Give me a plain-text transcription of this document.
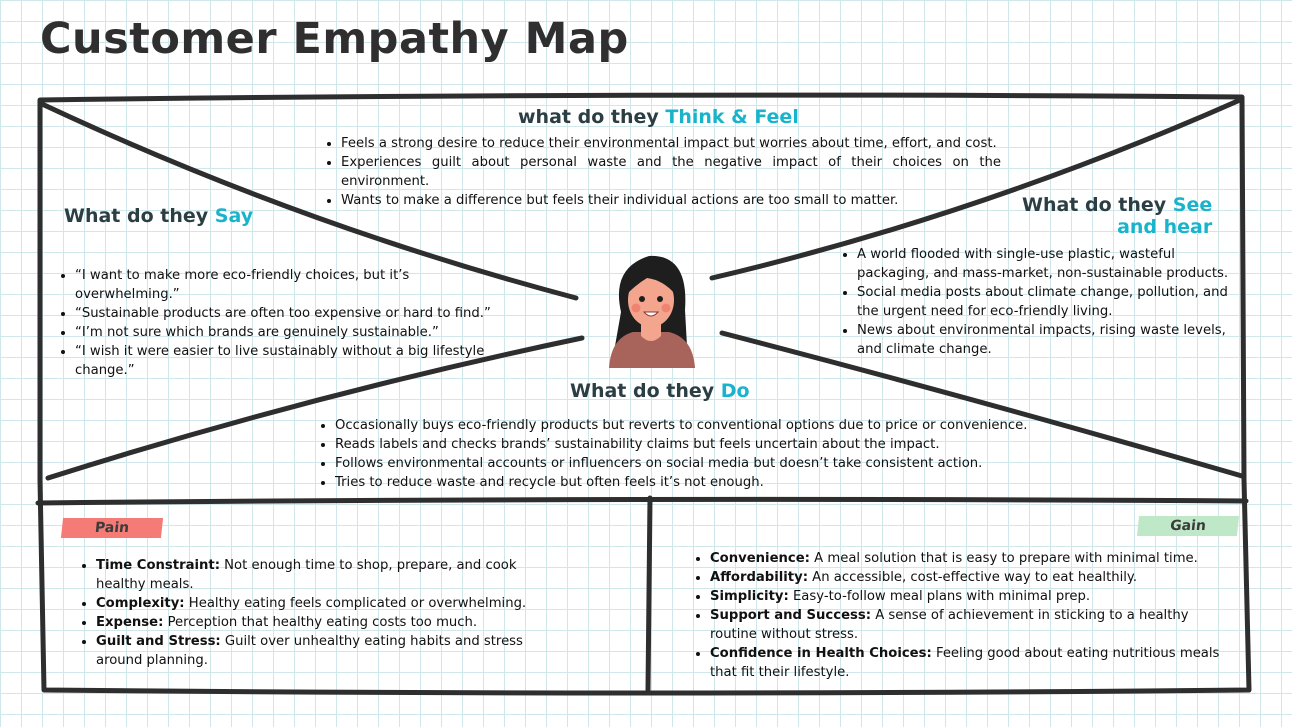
Customer Empathy Map
what do they Think & Feel
• Feels a strong desire to reduce their environmental impact but worries about time, effort, and cost.
• Experiences guilt about personal waste and the negative impact of their choices on the environment.
• Wants to make a difference but feels their individual actions are too small to matter.
What do they Say
• “I want to make more eco-friendly choices, but it’s overwhelming.”
• “Sustainable products are often too expensive or hard to find.”
• “I’m not sure which brands are genuinely sustainable.”
• “I wish it were easier to live sustainably without a big lifestyle change.”
What do they See
and hear
• A world flooded with single-use plastic, wasteful packaging, and mass-market, non-sustainable products.
• Social media posts about climate change, pollution, and the urgent need for eco-friendly living.
• News about environmental impacts, rising waste levels, and climate change.
What do they Do
• Occasionally buys eco-friendly products but reverts to conventional options due to price or convenience.
• Reads labels and checks brands’ sustainability claims but feels uncertain about the impact.
• Follows environmental accounts or influencers on social media but doesn’t take consistent action.
• Tries to reduce waste and recycle but often feels it’s not enough.
Pain
• Time Constraint: Not enough time to shop, prepare, and cook healthy meals.
• Complexity: Healthy eating feels complicated or overwhelming.
• Expense: Perception that healthy eating costs too much.
• Guilt and Stress: Guilt over unhealthy eating habits and stress around planning.
Gain
• Convenience: A meal solution that is easy to prepare with minimal time.
• Affordability: An accessible, cost-effective way to eat healthily.
• Simplicity: Easy-to-follow meal plans with minimal prep.
• Support and Success: A sense of achievement in sticking to a healthy routine without stress.
• Confidence in Health Choices: Feeling good about eating nutritious meals that fit their lifestyle.
